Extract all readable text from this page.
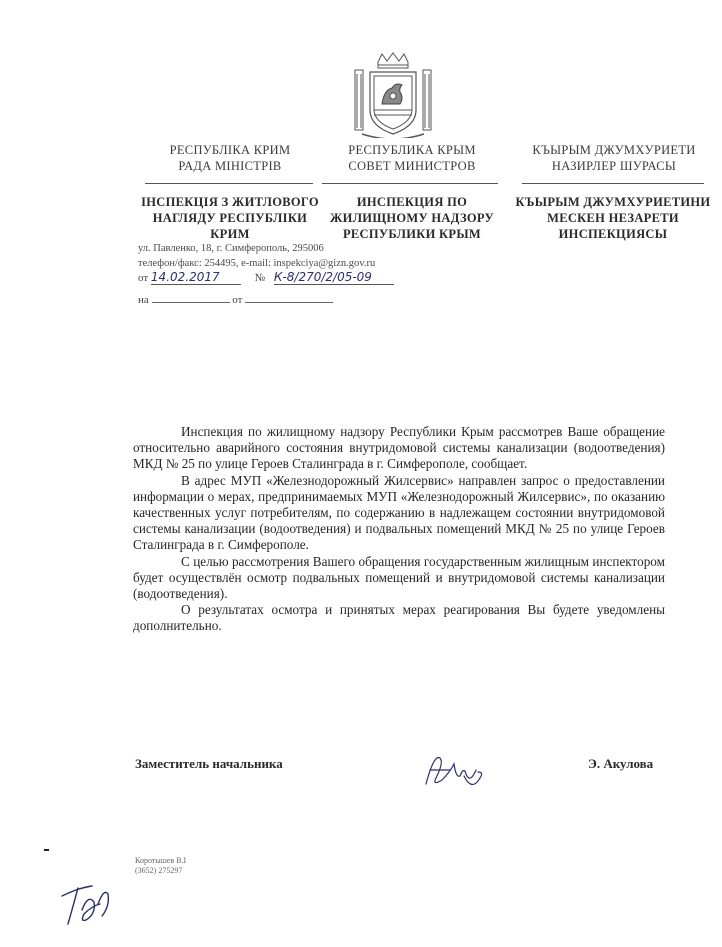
РЕСПУБЛІКА КРИМ
РАДА МІНІСТРІВ
РЕСПУБЛИКА КРЫМ
СОВЕТ МИНИСТРОВ
КЪЫРЫМ ДЖУМХУРИЕТИ
НАЗИРЛЕР ШУРАСЫ
ІНСПЕКЦІЯ З ЖИТЛОВОГО
НАГЛЯДУ РЕСПУБЛІКИ
КРИМ
ИНСПЕКЦИЯ ПО
ЖИЛИЩНОМУ НАДЗОРУ
РЕСПУБЛИКИ КРЫМ
КЪЫРЫМ ДЖУМХУРИЕТИНИ
МЕСКЕН НЕЗАРЕТИ
ИНСПЕКЦИЯСЫ
ул. Павленко, 18, г. Симферополь, 295006
телефон/факс: 254495, e-mail: inspekciya@gizn.gov.ru
от 14.02.2017	№ К-8/270/2/05-09
на	от

Инспекция по жилищному надзору Республики Крым рассмотрев Ваше обращение относительно аварийного состояния внутридомовой системы канализации (водоотведения) МКД № 25 по улице Героев Сталинграда в г. Симферополе, сообщает.

В адрес МУП «Железнодорожный Жилсервис» направлен запрос о предоставлении информации о мерах, предпринимаемых МУП «Железнодорожный Жилсервис», по оказанию качественных услуг потребителям, по содержанию в надлежащем состоянии внутридомовой системы канализации (водоотведения) и подвальных помещений МКД № 25 по улице Героев Сталинграда в г. Симферополе.

С целью рассмотрения Вашего обращения государственным жилищным инспектором будет осуществлён осмотр подвальных помещений и внутридомовой системы канализации (водоотведения).

О результатах осмотра и принятых мерах реагирования Вы будете уведомлены дополнительно.

Заместитель начальника	Э. Акулова
Коротышев В.І
(3652) 275297
